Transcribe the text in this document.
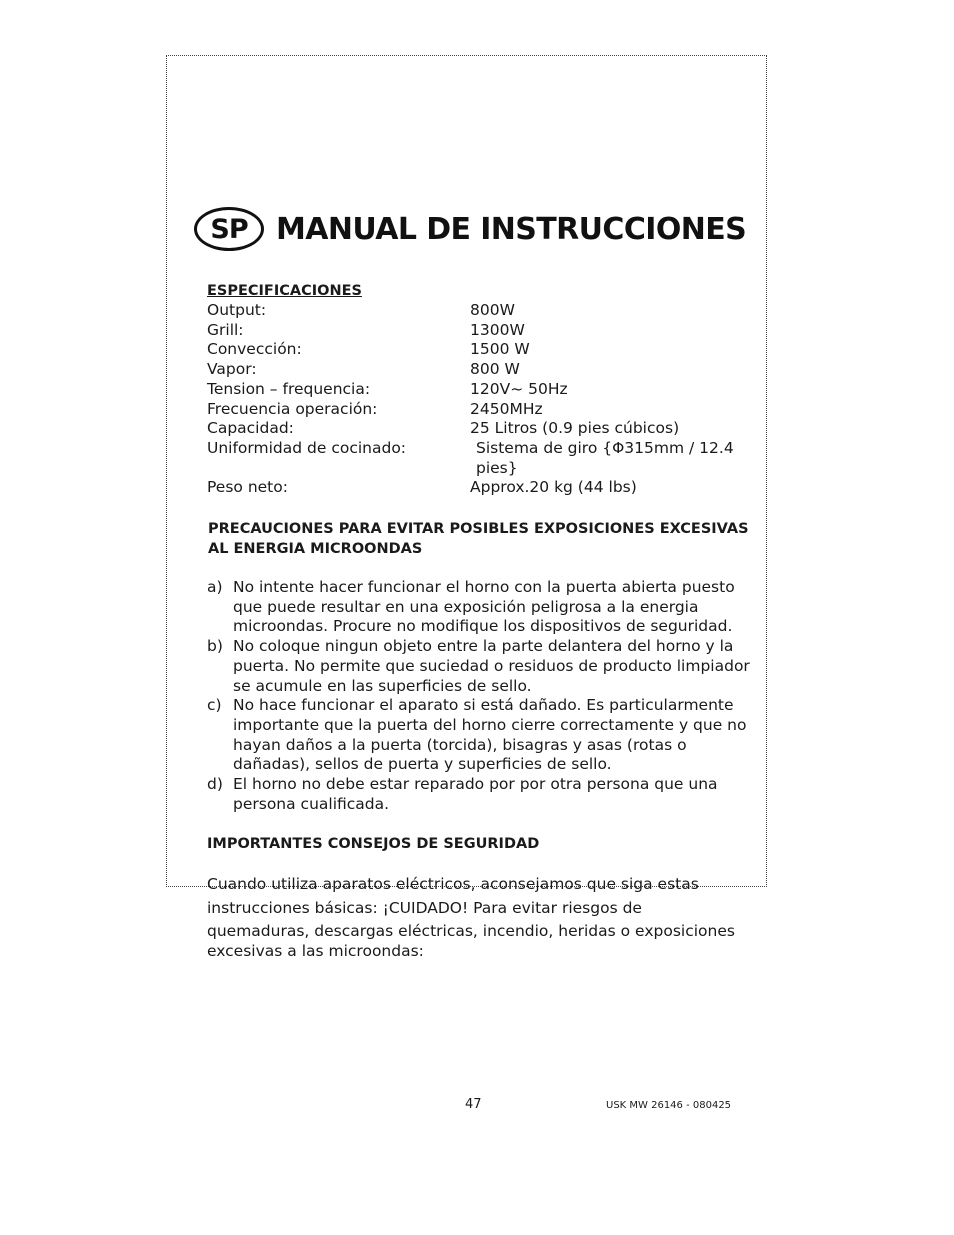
SP MANUAL DE INSTRUCCIONES
ESPECIFICACIONES
Output:	800W
Grill:	1300W
Convección:	1500 W
Vapor:	800 W
Tension – frequencia:	120V~ 50Hz
Frecuencia operación:	2450MHz
Capacidad:	25 Litros (0.9 pies cúbicos)
Uniformidad de cocinado:	Sistema de giro {Φ315mm / 12.4 pies}
Peso neto:	Approx.20 kg (44 lbs)
PRECAUCIONES PARA EVITAR POSIBLES EXPOSICIONES EXCESIVAS AL ENERGIA MICROONDAS
a) No intente hacer funcionar el horno con la puerta abierta puesto que puede resultar en una exposición peligrosa a la energia microondas. Procure no modifique los dispositivos de seguridad.
b) No coloque ningun objeto entre la parte delantera del horno y la puerta. No permite que suciedad o residuos de producto limpiador se acumule en las superficies de sello.
c) No hace funcionar el aparato si está dañado. Es particularmente importante que la puerta del horno cierre correctamente y que no hayan daños a la puerta (torcida), bisagras y asas (rotas o dañadas), sellos de puerta y superficies de sello.
d) El horno no debe estar reparado por por otra persona que una persona cualificada.
IMPORTANTES CONSEJOS DE SEGURIDAD
Cuando utiliza aparatos eléctricos, aconsejamos que siga estas
instrucciones básicas: ¡CUIDADO! Para evitar riesgos de
quemaduras, descargas eléctricas, incendio, heridas o exposiciones
excesivas a las microondas:
47	USK MW 26146 - 080425
